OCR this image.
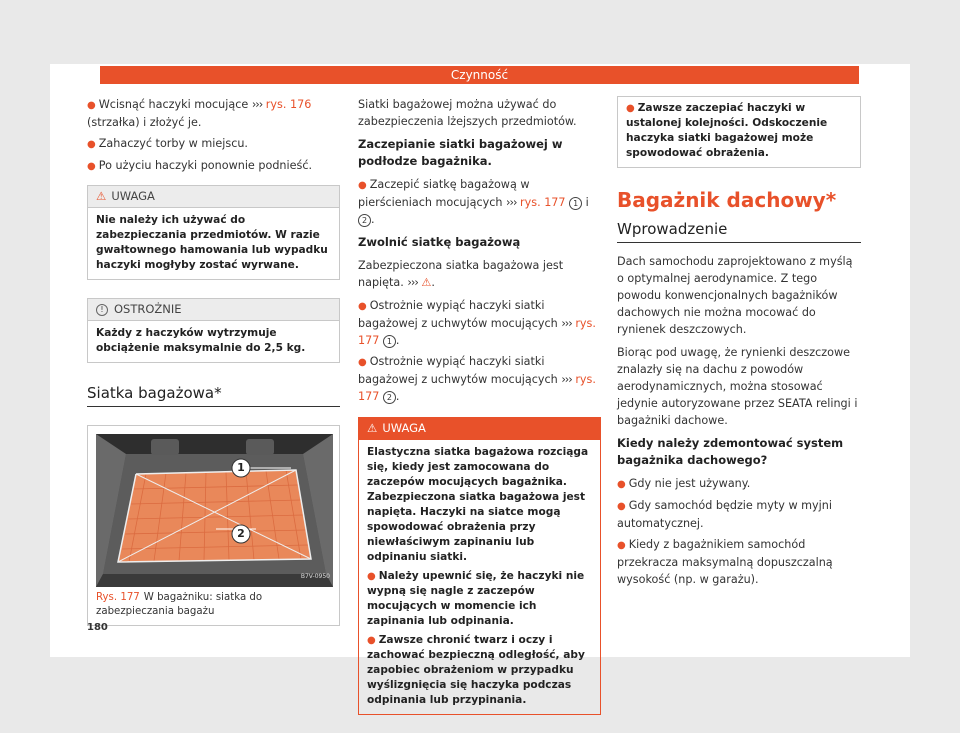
Czynność
● Wcisnąć haczyki mocujące ››› rys. 176 (strzałka) i złożyć je.
● Zahaczyć torby w miejscu.
● Po użyciu haczyki ponownie podnieść.
⚠ UWAGA
Nie należy ich używać do zabezpieczania przedmiotów. W razie gwałtownego hamowania lub wypadku haczyki mogłyby zostać wyrwane.
! OSTROŻNIE
Każdy z haczyków wytrzymuje obciążenie maksymalnie do 2,5 kg.
Siatka bagażowa*
1
2
B7V-0950
Rys. 177 W bagażniku: siatka do zabezpieczania bagażu
Siatki bagażowej można używać do zabezpieczenia lżejszych przedmiotów.
Zaczepianie siatki bagażowej w podłodze bagażnika.
● Zaczepić siatkę bagażową w pierścieniach mocujących ››› rys. 177 1 i 2 .
Zwolnić siatkę bagażową
Zabezpieczona siatka bagażowa jest napięta. ››› ⚠.
● Ostrożnie wypiąć haczyki siatki bagażowej z uchwytów mocujących ››› rys. 177 1 .
● Ostrożnie wypiąć haczyki siatki bagażowej z uchwytów mocujących ››› rys. 177 2 .
⚠ UWAGA
Elastyczna siatka bagażowa rozciąga się, kiedy jest zamocowana do zaczepów mocujących bagażnika. Zabezpieczona siatka bagażowa jest napięta. Haczyki na siatce mogą spowodować obrażenia przy niewłaściwym zapinaniu lub odpinaniu siatki.
● Należy upewnić się, że haczyki nie wypną się nagle z zaczepów mocujących w momencie ich zapinania lub odpinania.
● Zawsze chronić twarz i oczy i zachować bezpieczną odległość, aby zapobiec obrażeniom w przypadku wyślizgnięcia się haczyka podczas odpinania lub przypinania.
● Zawsze zaczepiać haczyki w ustalonej kolejności. Odskoczenie haczyka siatki bagażowej może spowodować obrażenia.
Bagażnik dachowy*
Wprowadzenie
Dach samochodu zaprojektowano z myślą o optymalnej aerodynamice. Z tego powodu konwencjonalnych bagażników dachowych nie można mocować do rynienek deszczowych.
Biorąc pod uwagę, że rynienki deszczowe znalazły się na dachu z powodów aerodynamicznych, można stosować jedynie autoryzowane przez SEATA relingi i bagażniki dachowe.
Kiedy należy zdemontować system bagażnika dachowego?
● Gdy nie jest używany.
● Gdy samochód będzie myty w myjni automatycznej.
● Kiedy z bagażnikiem samochód przekracza maksymalną dopuszczalną wysokość (np. w garażu).
180
